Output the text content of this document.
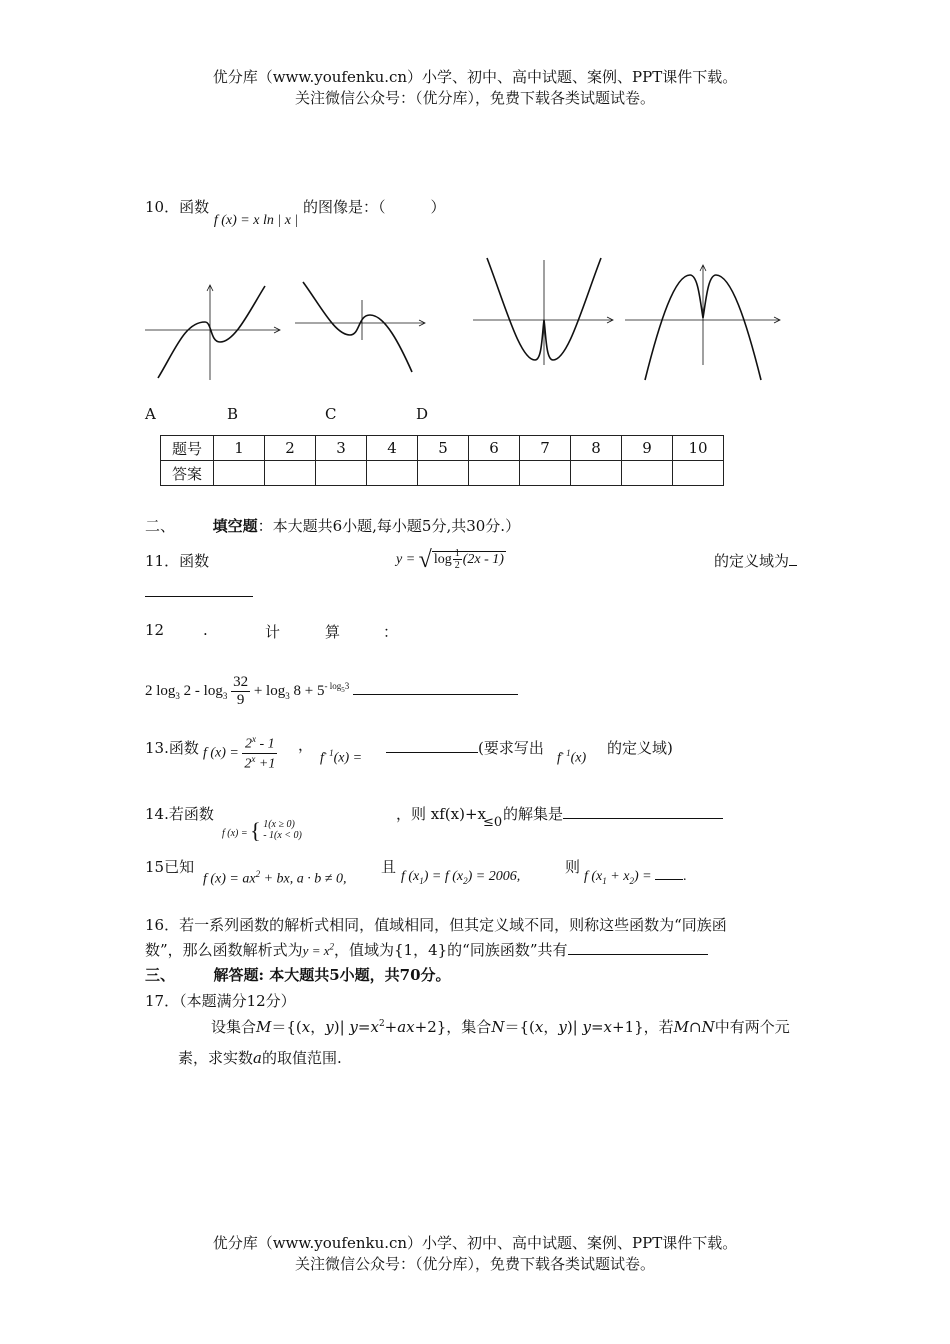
优分库（www.youfenku.cn）小学、初中、高中试题、案例、PPT课件下载。
关注微信公众号：（优分库），免费下载各类试题试卷。
10．函数 f (x) = x ln | x | 的图像是：（　　　）
A	B	C	D
题号	1	2	3	4	5	6	7	8	9	10
答案										
二、	填空题：本大题共6小题,每小题5分,共30分.）
11．函数	y = √ $\log \frac{1}{2} (2x - 1)$	的定义域为
12	.	计	算	：
2 $\log_3 2 - \log_3 \frac{32}{9} + \log_3 8 + 5^{- log_53}$
13.函数 f $(x) = \frac{2^x - 1}{2^x +1}$ ，
$f^{- 1}(x)$ =
(要求写出
$f^{- 1}(x)$
的定义域)
14.若函数
f (x) = { 1(x ≥ 0)
- 1(x < 0)
，则 xf(x)+x
≤0 的解集是
15已知
f $(x) = ax^2$ + bx, a · b ≠ 0,
且
f $(x_1) = f$ $(x_2) = 2006$,
则
f $(x_1 + x_2)$ = .
16．若一系列函数的解析式相同，值域相同，但其定义域不同，则称这些函数为“同族函
数”，那么函数解析式为$y = x^2$，值域为{1，4}的“同族函数”共有
三、	解答题: 本大题共5小题，共70分。
17．（本题满分12分）
设集合M＝{(x，y)| $y=x^2+ax+2$}，集合N＝{(x，y)| y=x+1}，若M∩N中有两个元
素，求实数a的取值范围.
优分库（www.youfenku.cn）小学、初中、高中试题、案例、PPT课件下载。
关注微信公众号：（优分库），免费下载各类试题试卷。
